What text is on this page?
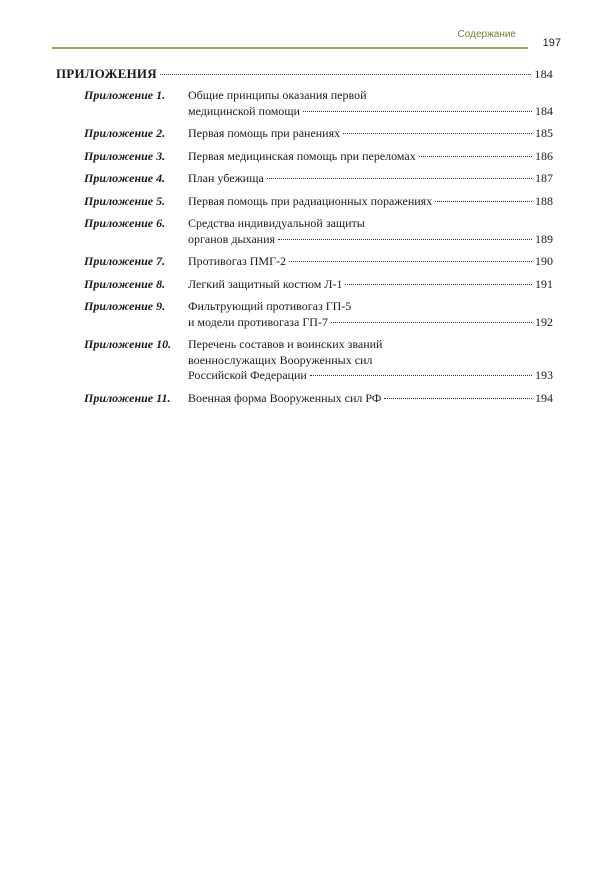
Содержание
197
ПРИЛОЖЕНИЯ	184
Приложение 1.	Общие принципы оказания первой
медицинской помощи	184
Приложение 2.	Первая помощь при ранениях	185
Приложение 3.	Первая медицинская помощь при переломах	186
Приложение 4.	План убежища	187
Приложение 5.	Первая помощь при радиационных поражениях	188
Приложение 6.	Средства индивидуальной защиты
органов дыхания	189
Приложение 7.	Противогаз ПМГ-2	190
Приложение 8.	Легкий защитный костюм Л-1	191
Приложение 9.	Фильтрующий противогаз ГП-5
и модели противогаза ГП-7	192
Приложение 10.	Перечень составов и воинских званий
военнослужащих Вооруженных сил
Российской Федерации	193
Приложение 11.	Военная форма Вооруженных сил РФ	194
